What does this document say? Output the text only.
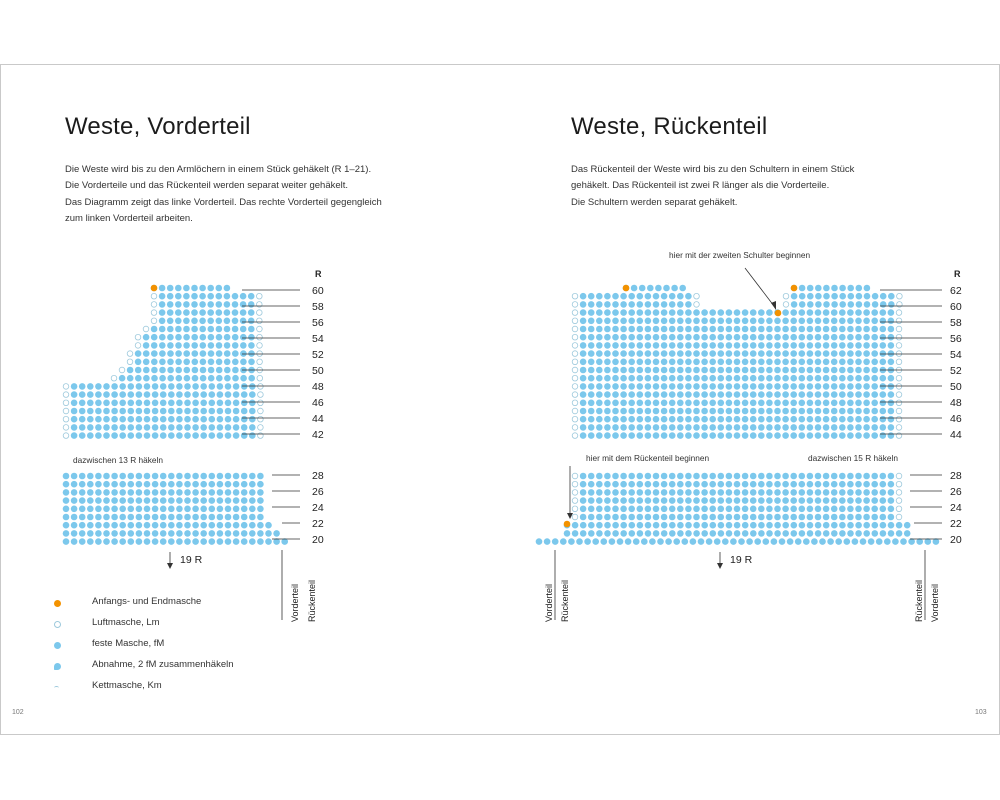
Weste, Vorderteil

Die Weste wird bis zu den Armlöchern in einem Stück gehäkelt (R 1–21).

Die Vorderteile und das Rückenteil werden separat weiter gehäkelt.

Das Diagramm zeigt das linke Vorderteil. Das rechte Vorderteil gegengleich

zum linken Vorderteil arbeiten.

Weste, Rückenteil

Das Rückenteil der Weste wird bis zu den Schultern in einem Stück

gehäkelt. Das Rückenteil ist zwei R länger als die Vorderteile.

Die Schultern werden separat gehäkelt.

dazwischen 13 R häkeln
hier mit der zweiten Schulter beginnen
hier mit dem Rückenteil beginnen	dazwischen 15 R häkeln
Anfangs- und Endmasche
Luftmasche, Lm
feste Masche, fM
Abnahme, 2 fM zusammenhäkeln
Kettmasche, Km
102	103
R
60
58
56
54
52
50
48
46
44
42
28
26
24
22
20
19 R
Vorderteil Rückenteil
R
62
60
58
56
54
52
50
48
46
44
28
26
24
22
20
19 R
Vorderteil Rückenteil	Rückenteil Vorderteil
